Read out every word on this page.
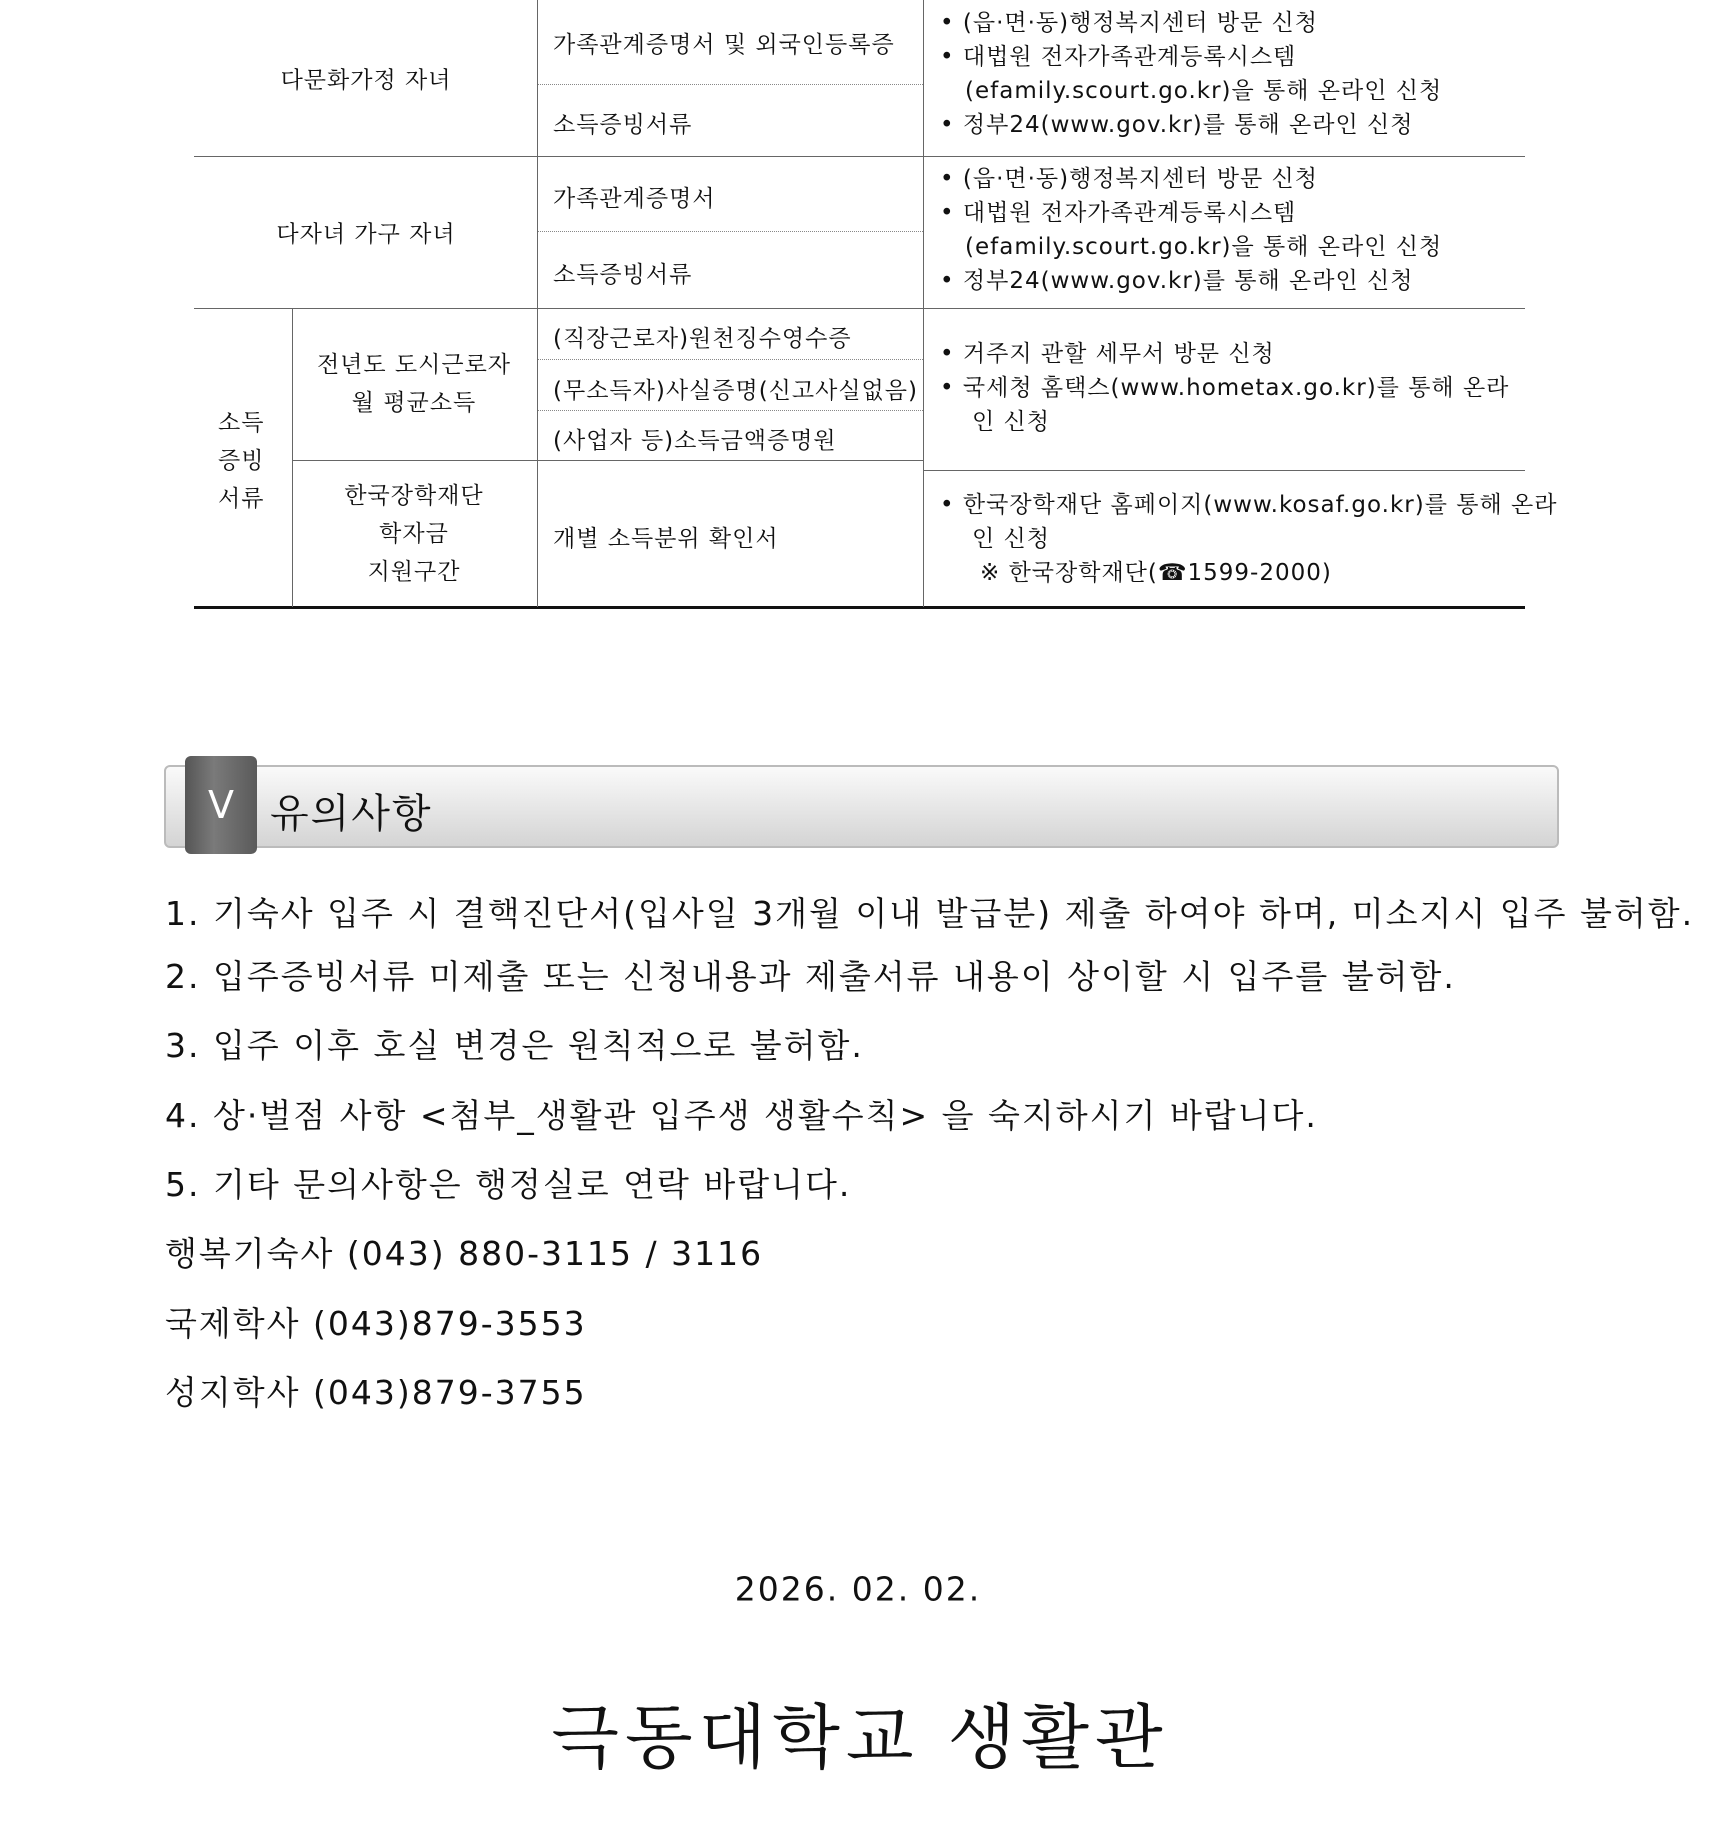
다문화가정 자녀
가족관계증명서 및 외국인등록증
소득증빙서류
• (읍·면·동)행정복지센터 방문 신청
• 대법원 전자가족관계등록시스템
(efamily.scourt.go.kr)을 통해 온라인 신청
• 정부24(www.gov.kr)를 통해 온라인 신청
다자녀 가구 자녀
가족관계증명서
소득증빙서류
• (읍·면·동)행정복지센터 방문 신청
• 대법원 전자가족관계등록시스템
(efamily.scourt.go.kr)을 통해 온라인 신청
• 정부24(www.gov.kr)를 통해 온라인 신청
소득
증빙
서류
전년도 도시근로자
월 평균소득
(직장근로자)원천징수영수증
(무소득자)사실증명(신고사실없음)
(사업자 등)소득금액증명원
• 거주지 관할 세무서 방문 신청
• 국세청 홈택스(www.hometax.go.kr)를 통해 온라
인 신청
한국장학재단
학자금
지원구간
개별 소득분위 확인서
• 한국장학재단 홈페이지(www.kosaf.go.kr)를 통해 온라
인 신청
※ 한국장학재단(☎1599-2000)
V 유의사항
1. 기숙사 입주 시 결핵진단서(입사일 3개월 이내 발급분) 제출 하여야 하며, 미소지시 입주 불허함.
2. 입주증빙서류 미제출 또는 신청내용과 제출서류 내용이 상이할 시 입주를 불허함.
3. 입주 이후 호실 변경은 원칙적으로 불허함.
4. 상·벌점 사항 <첨부_생활관 입주생 생활수칙> 을 숙지하시기 바랍니다.
5. 기타 문의사항은 행정실로 연락 바랍니다.
행복기숙사 (043) 880-3115 / 3116
국제학사 (043)879-3553
성지학사 (043)879-3755
2026. 02. 02.
극동대학교 생활관
